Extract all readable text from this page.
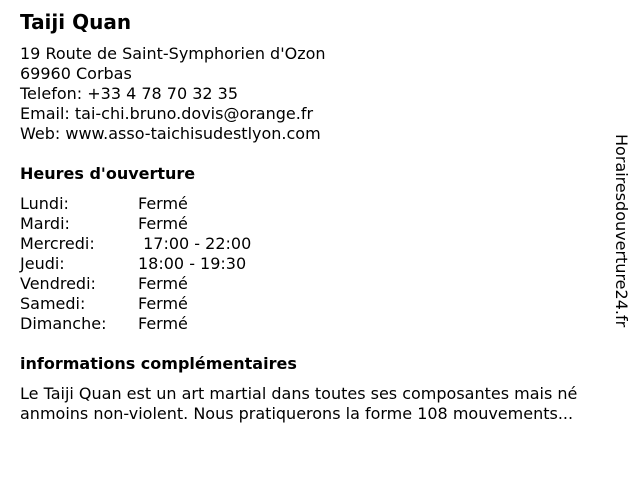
Taiji Quan
19 Route de Saint-Symphorien d'Ozon
69960 Corbas
Telefon: +33 4 78 70 32 35
Email: tai-chi.bruno.dovis@orange.fr
Web: www.asso-taichisudestlyon.com
Heures d'ouverture
Lundi:	Fermé
Mardi:	Fermé
Mercredi:	17:00 - 22:00
Jeudi:	18:00 - 19:30
Vendredi:	Fermé
Samedi:	Fermé
Dimanche:	Fermé
informations complémentaires
Le Taiji Quan est un art martial dans toutes ses composantes mais né
anmoins non-violent. Nous pratiquerons la forme 108 mouvements...
Horairesdouverture24.fr
